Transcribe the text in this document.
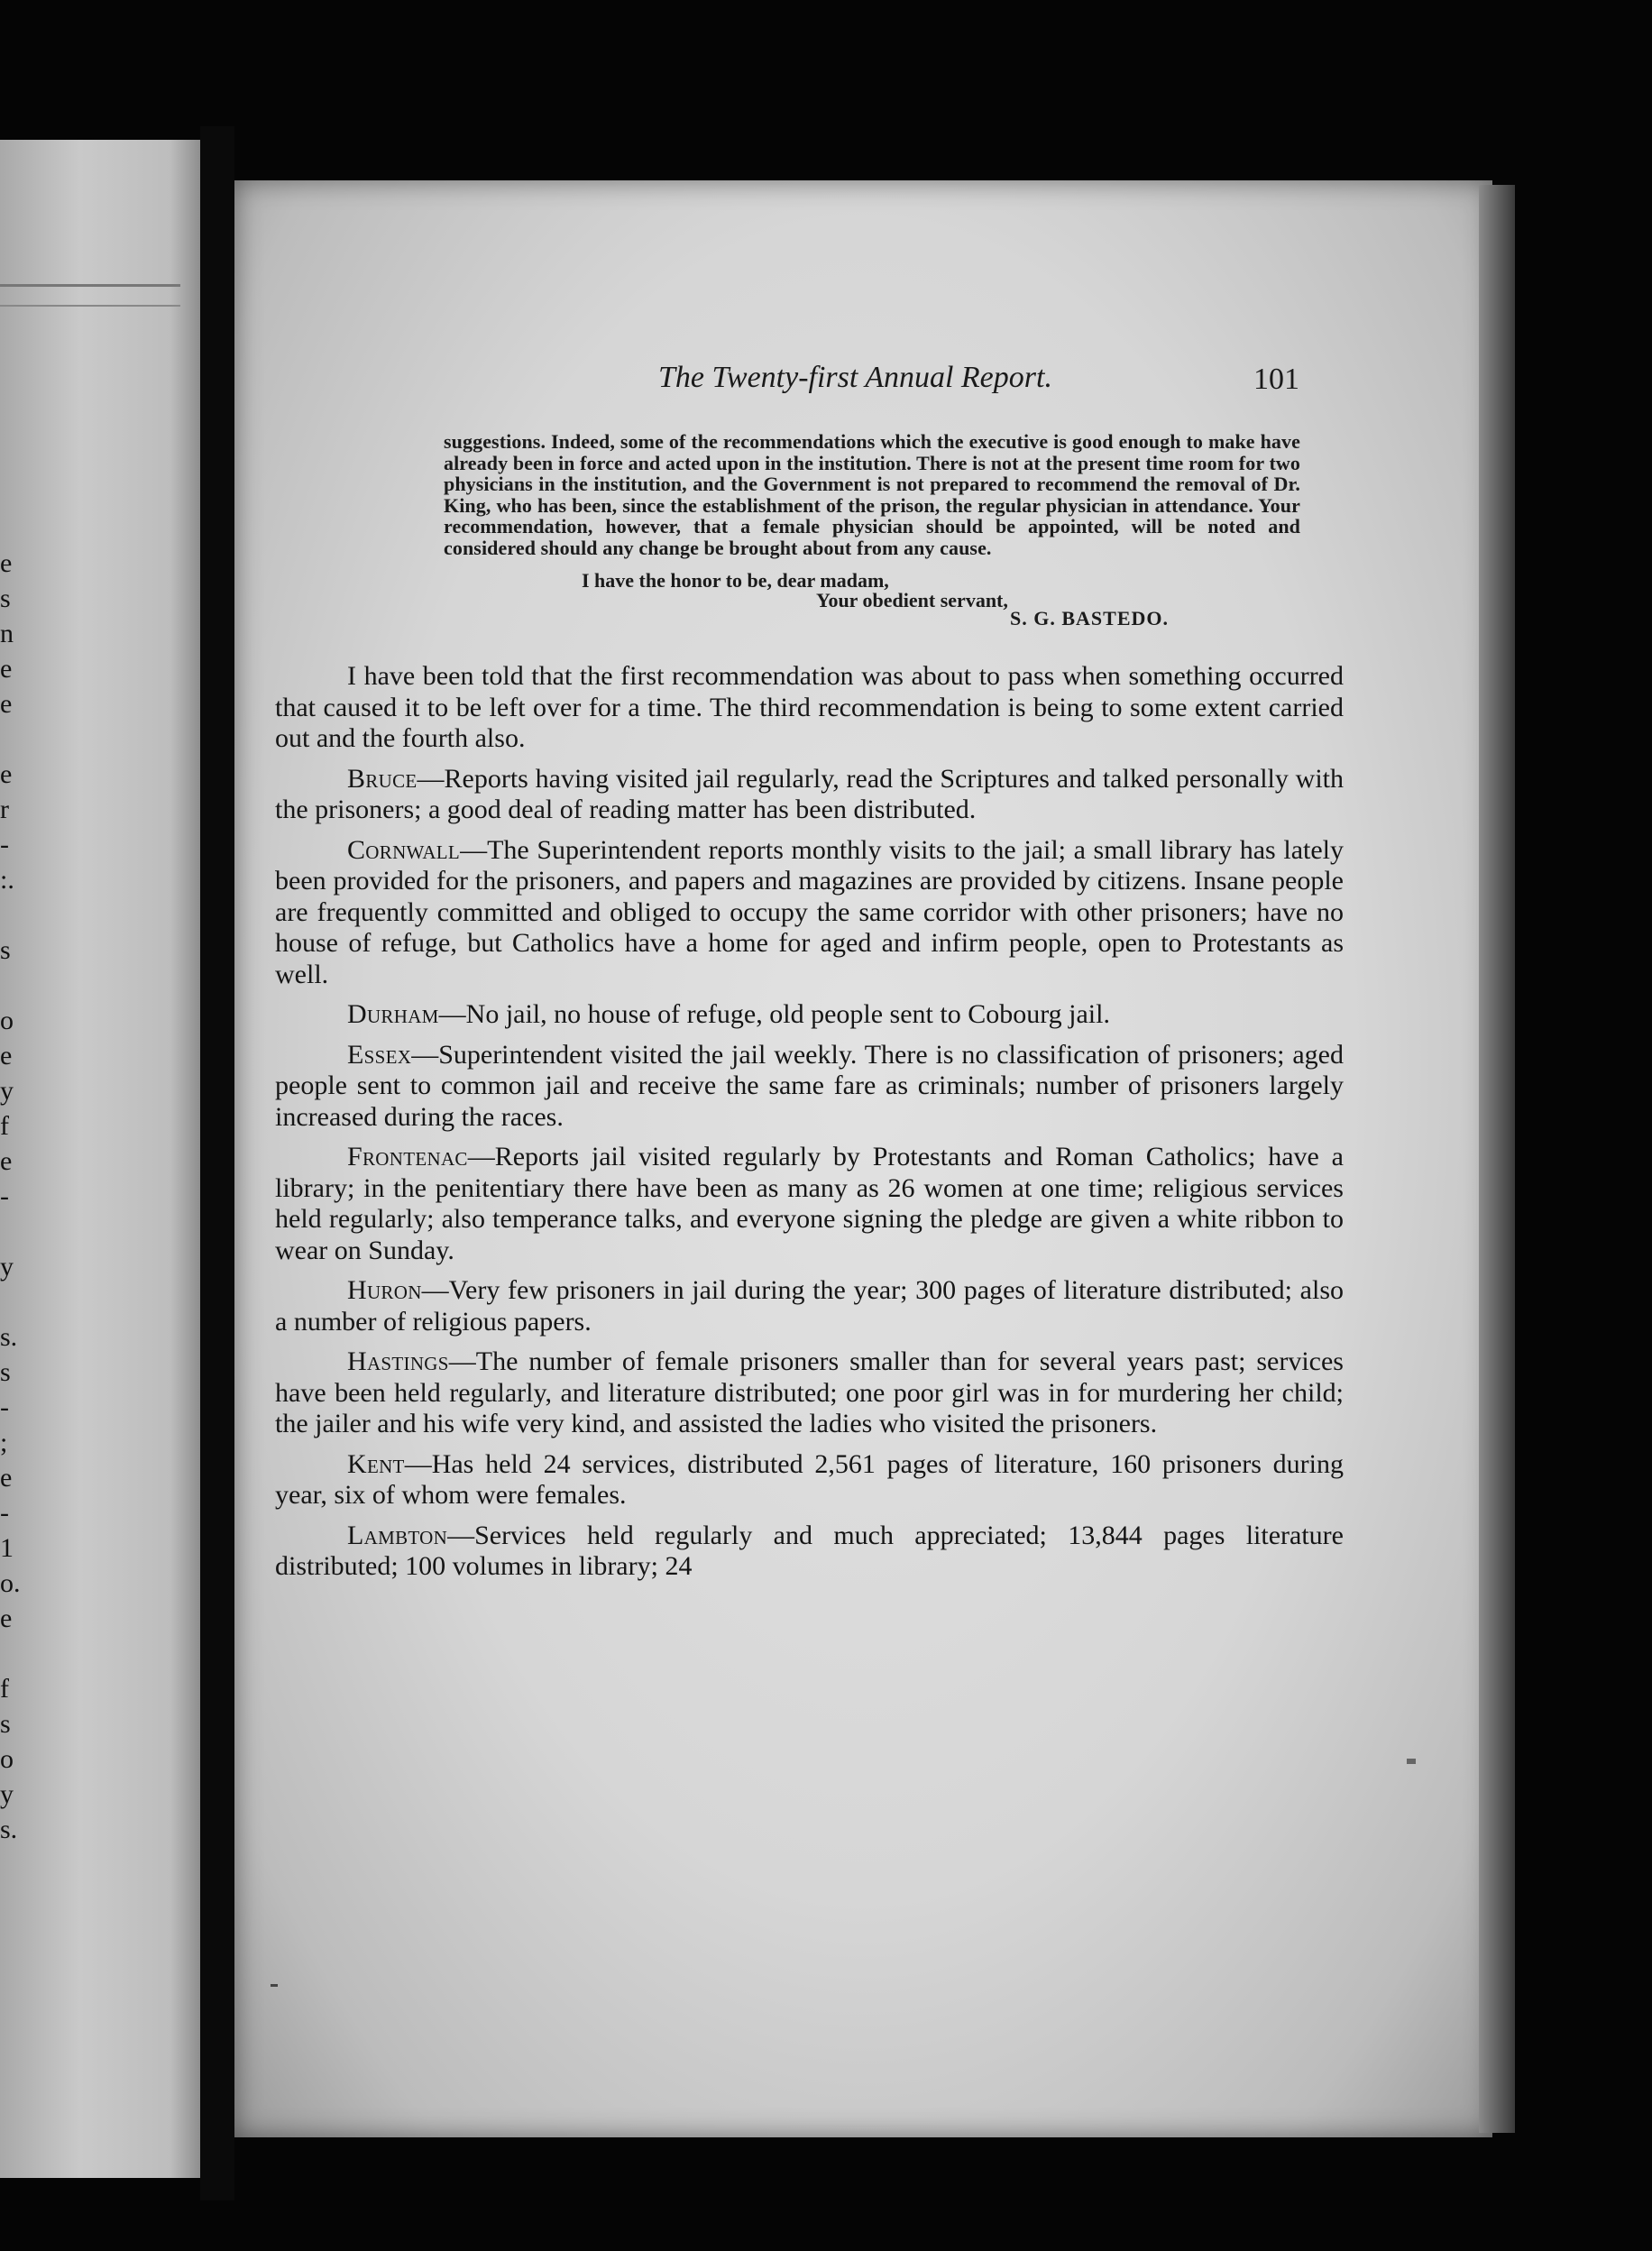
e
s
n
e
e
e
r
-
:.
s
o
e
y
f
e
-
y
s.
s
-
;
e
-
1
o.
e
f
s
o
y
s.
The Twenty-first Annual Report.	101
suggestions. Indeed, some of the recommendations which the executive is good enough to make have already been in force and acted upon in the institution. There is not at the present time room for two physicians in the institution, and the Government is not prepared to recommend the removal of Dr. King, who has been, since the establishment of the prison, the regular physician in attendance. Your recommendation, however, that a female physician should be appointed, will be noted and considered should any change be brought about from any cause.
I have the honor to be, dear madam,
Your obedient servant,
S. G. BASTEDO.

I have been told that the first recommendation was about to pass when something occurred that caused it to be left over for a time. The third recommendation is being to some extent carried out and the fourth also.

Bruce—Reports having visited jail regularly, read the Scriptures and talked personally with the prisoners; a good deal of reading matter has been distributed.

Cornwall—The Superintendent reports monthly visits to the jail; a small library has lately been provided for the prisoners, and papers and magazines are provided by citizens. Insane people are frequently committed and obliged to occupy the same corridor with other prisoners; have no house of refuge, but Catholics have a home for aged and infirm people, open to Protestants as well.

Durham—No jail, no house of refuge, old people sent to Cobourg jail.

Essex—Superintendent visited the jail weekly. There is no classification of prisoners; aged people sent to common jail and receive the same fare as criminals; number of prisoners largely increased during the races.

Frontenac—Reports jail visited regularly by Protestants and Roman Catholics; have a library; in the penitentiary there have been as many as 26 women at one time; religious services held regularly; also temperance talks, and everyone signing the pledge are given a white ribbon to wear on Sunday.

Huron—Very few prisoners in jail during the year; 300 pages of literature distributed; also a number of religious papers.

Hastings—The number of female prisoners smaller than for several years past; services have been held regularly, and literature distributed; one poor girl was in for murdering her child; the jailer and his wife very kind, and assisted the ladies who visited the prisoners.

Kent—Has held 24 services, distributed 2,561 pages of literature, 160 prisoners during year, six of whom were females.

Lambton—Services held regularly and much appreciated; 13,844 pages literature distributed; 100 volumes in library; 24
